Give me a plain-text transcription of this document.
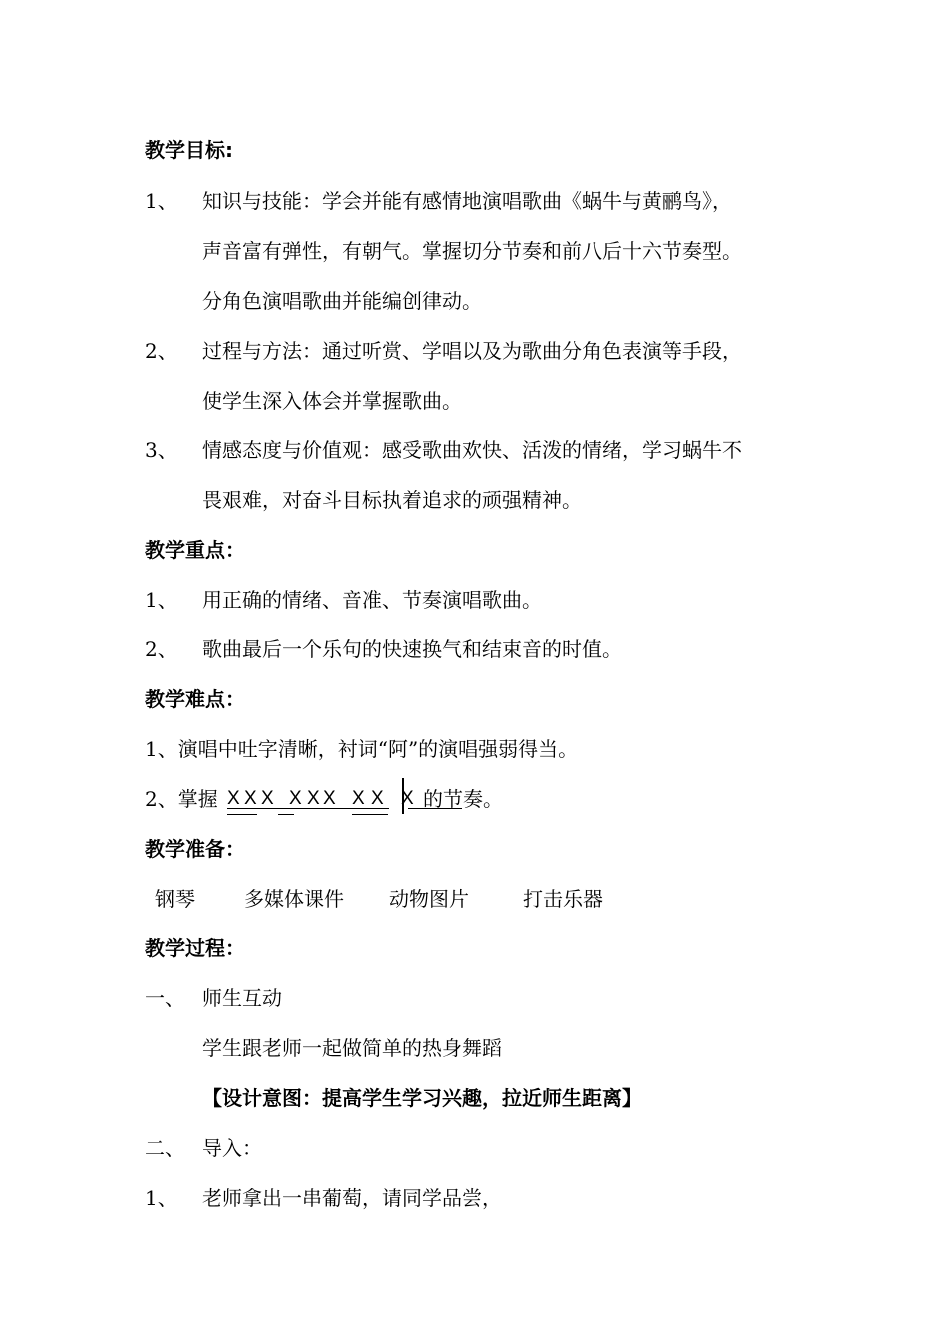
教学目标:
1、 知识与技能：学会并能有感情地演唱歌曲《蜗牛与黄鹂鸟》，
声音富有弹性，有朝气。掌握切分节奏和前八后十六节奏型。
分角色演唱歌曲并能编创律动。
2、 过程与方法：通过听赏、学唱以及为歌曲分角色表演等手段，
使学生深入体会并掌握歌曲。
3、 情感态度与价值观：感受歌曲欢快、活泼的情绪，学习蜗牛不
畏艰难，对奋斗目标执着追求的顽强精神。
教学重点：
1、 用正确的情绪、音准、节奏演唱歌曲。
2、 歌曲最后一个乐句的快速换气和结束音的时值。
教学难点：
1、演唱中吐字清晰，衬词“阿”的演唱强弱得当。
2、掌握 X X X X X X X X X 的节奏。
教学准备：
钢琴 多媒体课件 动物图片	打击乐器
教学过程：
一、 师生互动
学生跟老师一起做简单的热身舞蹈
【设计意图：提高学生学习兴趣，拉近师生距离】
二、 导入：
1、 老师拿出一串葡萄，请同学品尝，
